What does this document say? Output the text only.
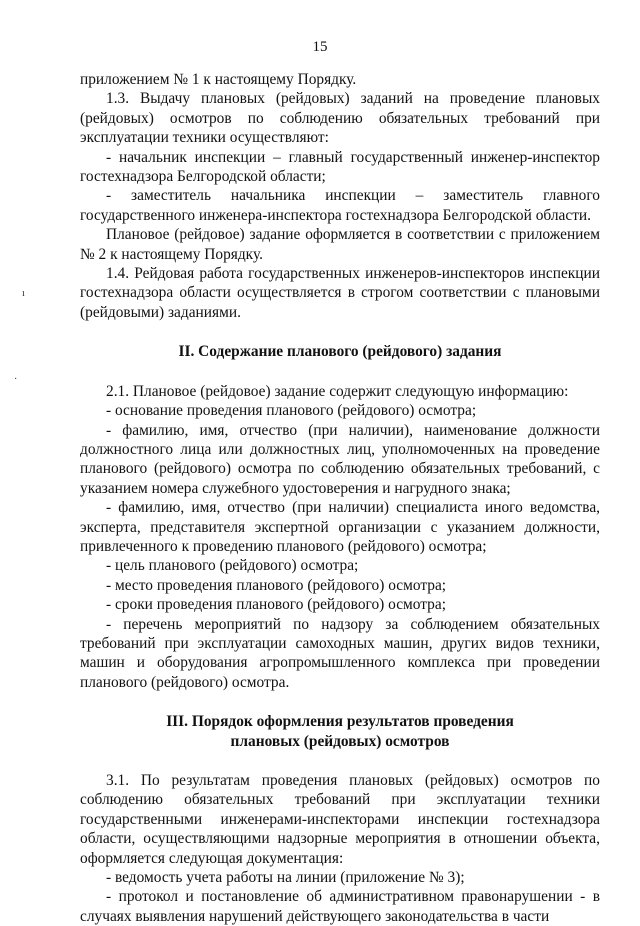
15
ı
·

приложением № 1 к настоящему Порядку.

1.3. Выдачу плановых (рейдовых) заданий на проведение плановых (рейдовых) осмотров по соблюдению обязательных требований при эксплуатации техники осуществляют:

- начальник инспекции – главный государственный инженер-инспектор гостехнадзора Белгородской области;

- заместитель начальника инспекции – заместитель главного государственного инженера-инспектора гостехнадзора Белгородской области.

Плановое (рейдовое) задание оформляется в соответствии с приложением № 2 к настоящему Порядку.

1.4. Рейдовая работа государственных инженеров-инспекторов инспекции гостехнадзора области осуществляется в строгом соответствии с плановыми (рейдовыми) заданиями.

II. Содержание планового (рейдового) задания

2.1. Плановое (рейдовое) задание содержит следующую информацию:

- основание проведения планового (рейдового) осмотра;

- фамилию, имя, отчество (при наличии), наименование должности должностного лица или должностных лиц, уполномоченных на проведение планового (рейдового) осмотра по соблюдению обязательных требований, с указанием номера служебного удостоверения и нагрудного знака;

- фамилию, имя, отчество (при наличии) специалиста иного ведомства, эксперта, представителя экспертной организации с указанием должности, привлеченного к проведению планового (рейдового) осмотра;

- цель планового (рейдового) осмотра;

- место проведения планового (рейдового) осмотра;

- сроки проведения планового (рейдового) осмотра;

- перечень мероприятий по надзору за соблюдением обязательных требований при эксплуатации самоходных машин, других видов техники, машин и оборудования агропромышленного комплекса при проведении планового (рейдового) осмотра.

III. Порядок оформления результатов проведения
плановых (рейдовых) осмотров

3.1. По результатам проведения плановых (рейдовых) осмотров по соблюдению обязательных требований при эксплуатации техники государственными инженерами-инспекторами инспекции гостехнадзора области, осуществляющими надзорные мероприятия в отношении объекта, оформляется следующая документация:

- ведомость учета работы на линии (приложение № 3);

- протокол и постановление об административном правонарушении - в случаях выявления нарушений действующего законодательства в части
